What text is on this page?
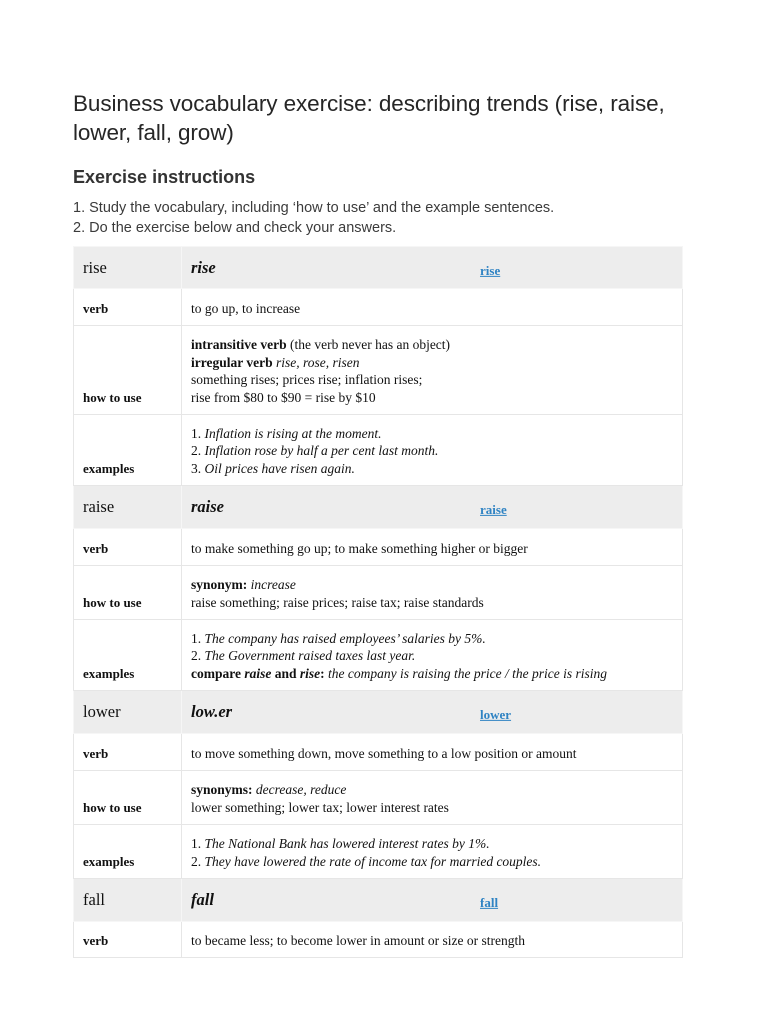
Business vocabulary exercise: describing trends (rise, raise, lower, fall, grow)
Exercise instructions
1. Study the vocabulary, including ‘how to use’ and the example sentences.
2. Do the exercise below and check your answers.
rise	rise rise

verb	to go up, to increase
how to use	intransitive verb (the verb never has an object)
irregular verb rise, rose, risen
something rises; prices rise; inflation rises;
rise from $80 to $90 = rise by $10

examples	1. Inflation is rising at the moment.
2. Inflation rose by half a per cent last month.
3. Oil prices have risen again.

raise	raise raise

verb	to make something go up; to make something higher or bigger
how to use	synonym: increase
raise something; raise prices; raise tax; raise standards

examples	1. The company has raised employees’ salaries by 5%.
2. The Government raised taxes last year.
compare raise and rise: the company is raising the price / the price is rising

lower	low.er lower

verb	to move something down, move something to a low position or amount
how to use	synonyms: decrease, reduce
lower something; lower tax; lower interest rates

examples	1. The National Bank has lowered interest rates by 1%.
2. They have lowered the rate of income tax for married couples.

fall	fall fall

verb	to became less; to become lower in amount or size or strength
